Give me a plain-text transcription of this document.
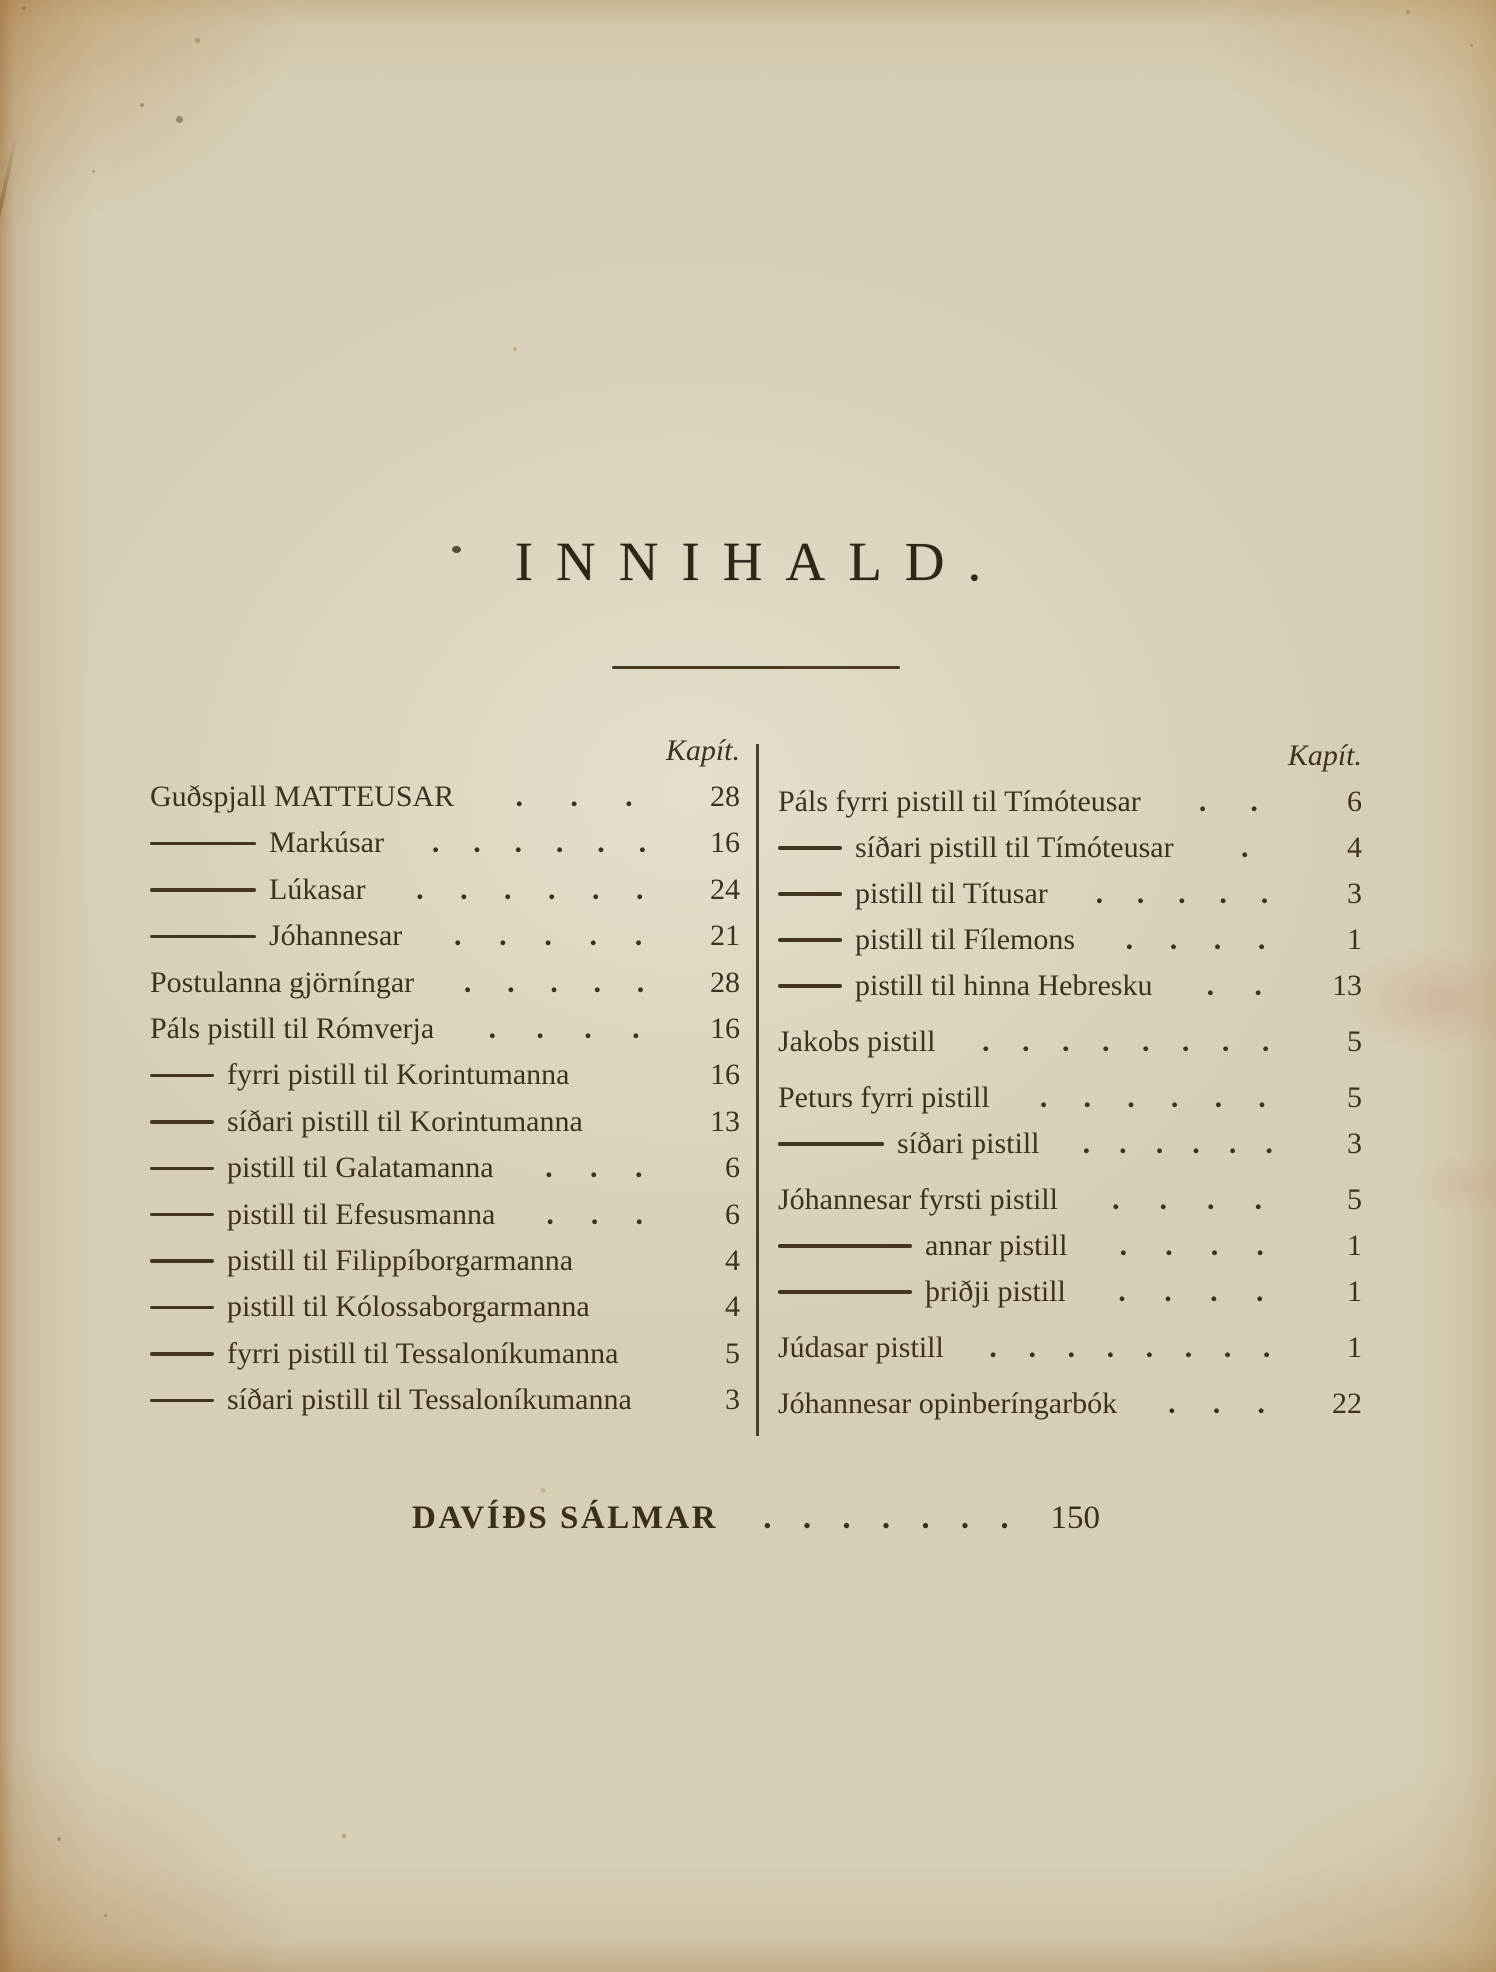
INNIHALD.
Kapít.
Guðspjall MATTEUSAR . . .	28
Markúsar . . . . . .	16
Lúkasar . . . . . .	24
Jóhannesar . . . . .	21
Postulanna gjörníngar . . . . .	28
Páls pistill til Rómverja . . . .	16
fyrri pistill til Korintumanna	16
síðari pistill til Korintumanna	13
pistill til Galatamanna . . .	6
pistill til Efesusmanna . . .	6
pistill til Filippíborgarmanna	4
pistill til Kólossaborgarmanna	4
fyrri pistill til Tessaloníkumanna	5
síðari pistill til Tessaloníkumanna	3
Kapít.
Páls fyrri pistill til Tímóteusar . .	6
síðari pistill til Tímóteusar .	4
pistill til Títusar . . . . .	3
pistill til Fílemons . . . .	1
pistill til hinna Hebresku . .	13
Jakobs pistill . . . . . . . .	5
Peturs fyrri pistill . . . . . .	5
síðari pistill . . . . . .	3
Jóhannesar fyrsti pistill . . . .	5
annar pistill . . . .	1
þriðji pistill . . . .	1
Júdasar pistill . . . . . . . .	1
Jóhannesar opinberíngarbók . . .	22
DAVÍÐS SÁLMAR . . . . . . . 150
